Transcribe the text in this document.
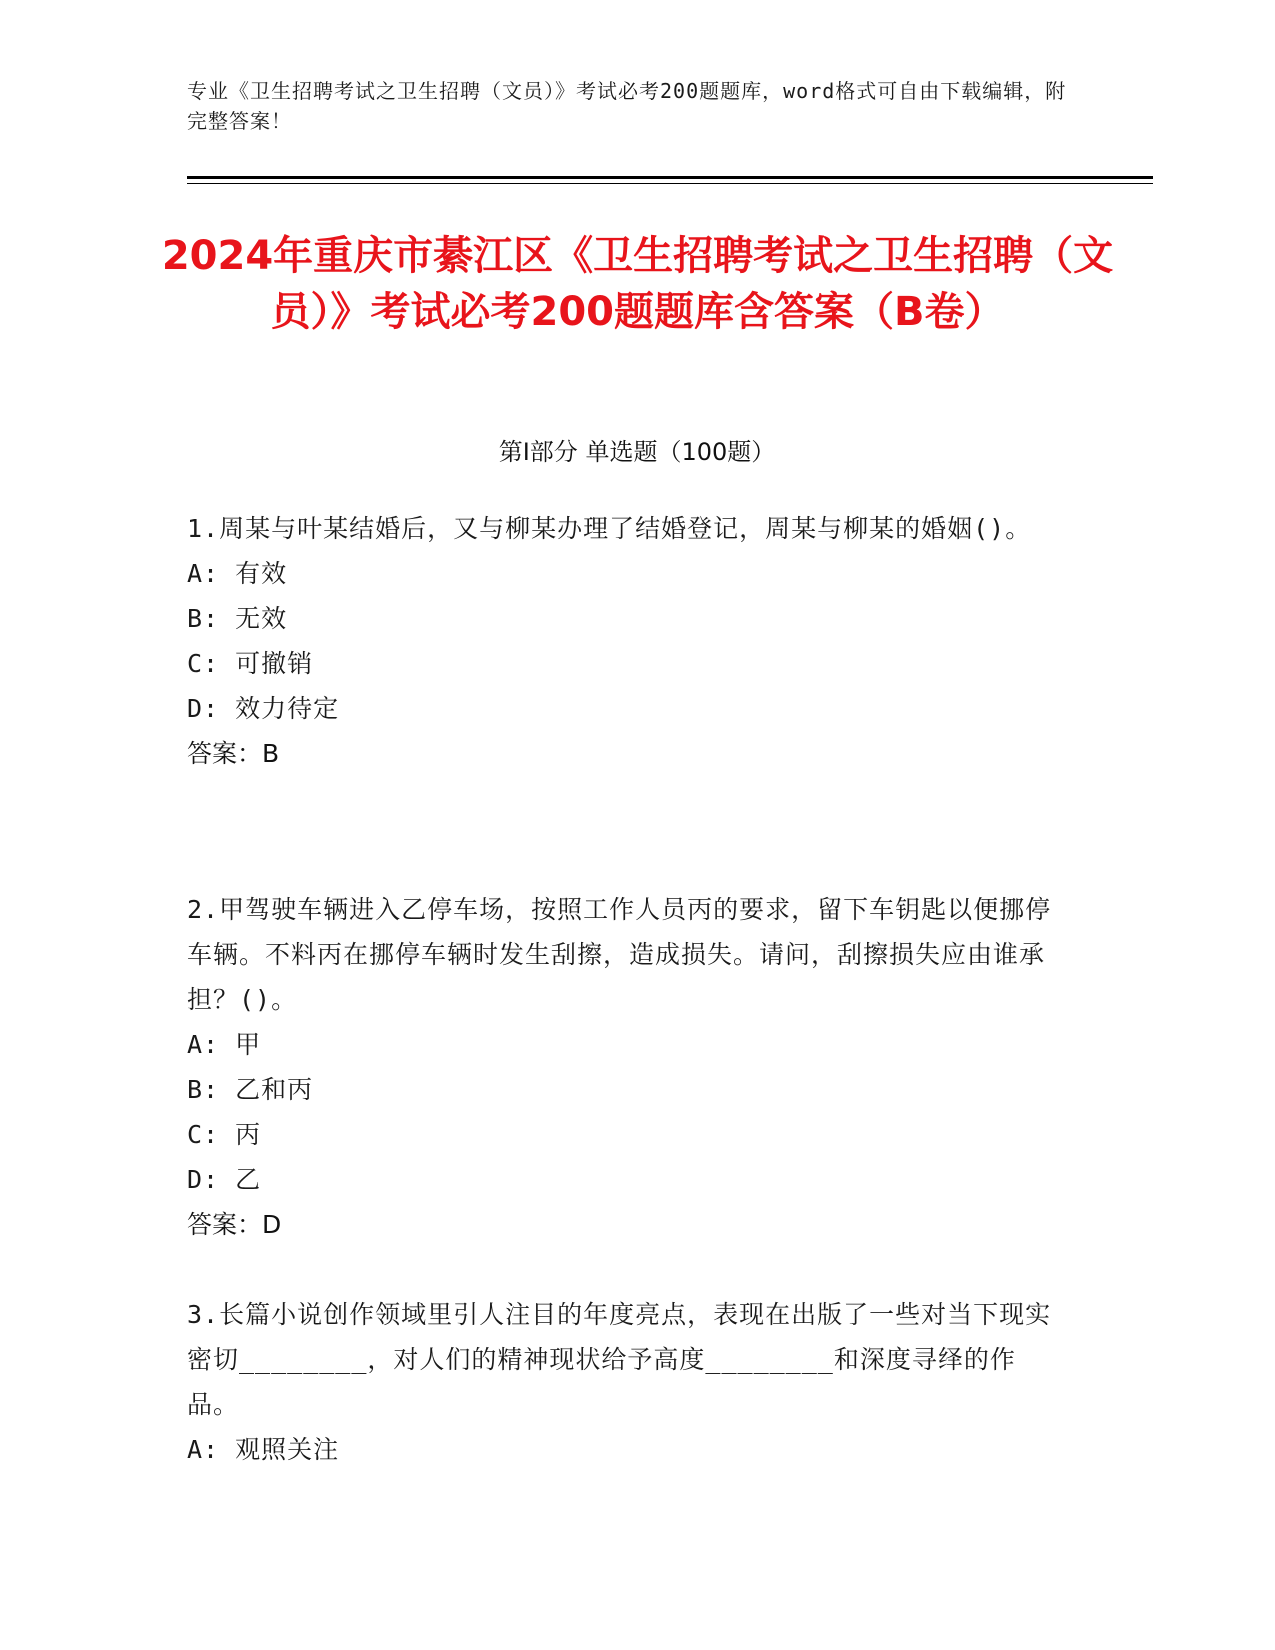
专业《卫生招聘考试之卫生招聘（文员）》考试必考200题题库，word格式可自由下载编辑，附完整答案！
2024年重庆市綦江区《卫生招聘考试之卫生招聘（文员）》考试必考200题题库含答案（B卷）
第Ⅰ部分 单选题（100题）
1.周某与叶某结婚后，又与柳某办理了结婚登记，周某与柳某的婚姻()。
A: 有效
B: 无效
C: 可撤销
D: 效力待定
答案：B
2.甲驾驶车辆进入乙停车场，按照工作人员丙的要求，留下车钥匙以便挪停车辆。不料丙在挪停车辆时发生刮擦，造成损失。请问，刮擦损失应由谁承担？()。
A: 甲
B: 乙和丙
C: 丙
D: 乙
答案：D
3.长篇小说创作领域里引人注目的年度亮点，表现在出版了一些对当下现实密切________，对人们的精神现状给予高度________和深度寻绎的作品。
A: 观照关注
